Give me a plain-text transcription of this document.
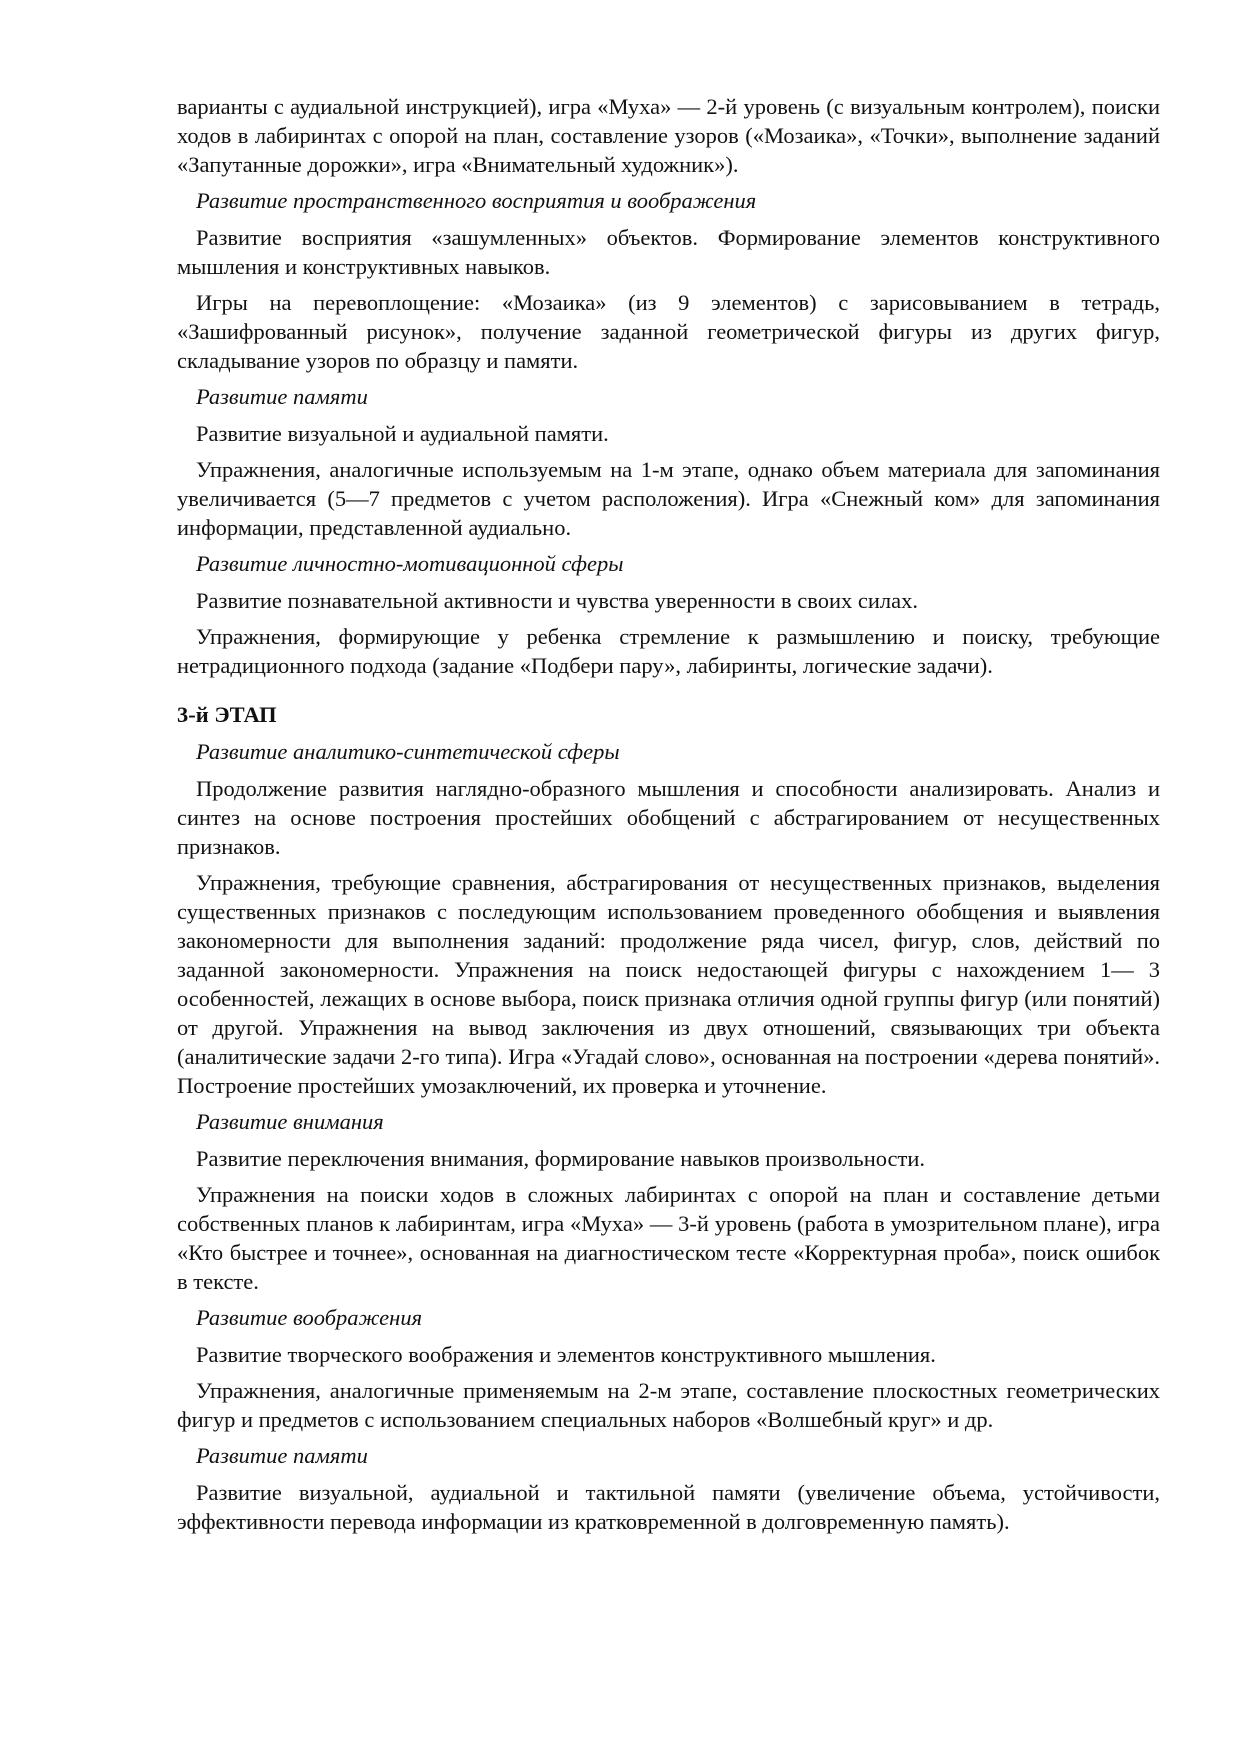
варианты с аудиальной инструкцией), игра «Муха» — 2-й уровень (с визуальным контролем), поиски ходов в лабиринтах с опорой на план, составление узоров («Мозаика», «Точки», выполнение заданий «Запутанные дорожки», игра «Внимательный художник»).

Развитие пространственного восприятия и воображения

Развитие восприятия «зашумленных» объектов. Формирование элементов конструктивного мышления и конструктивных навыков.

Игры на перевоплощение: «Мозаика» (из 9 элементов) с зарисовыванием в тетрадь, «Зашифрованный рисунок», получение заданной геометрической фигуры из других фигур, складывание узоров по образцу и памяти.

Развитие памяти

Развитие визуальной и аудиальной памяти.

Упражнения, аналогичные используемым на 1-м этапе, однако объем материала для запоминания увеличивается (5—7 предметов с учетом расположения). Игра «Снежный ком» для запоминания информации, представленной аудиально.

Развитие личностно-мотивационной сферы

Развитие познавательной активности и чувства уверенности в своих силах.

Упражнения, формирующие у ребенка стремление к размышлению и поиску, требующие нетрадиционного подхода (задание «Подбери пару», лабиринты, логические задачи).

3-й ЭТАП

Развитие аналитико-синтетической сферы

Продолжение развития наглядно-образного мышления и способности анализировать. Анализ и синтез на основе построения простейших обобщений с абстрагированием от несущественных признаков.

Упражнения, требующие сравнения, абстрагирования от несущественных признаков, выделения существенных признаков с последующим использованием проведенного обобщения и выявления закономерности для выполнения заданий: продолжение ряда чисел, фигур, слов, действий по заданной закономерности. Упражнения на поиск недостающей фигуры с нахождением 1— 3 особенностей, лежащих в основе выбора, поиск признака отличия одной группы фигур (или понятий) от другой. Упражнения на вывод заключения из двух отношений, связывающих три объекта (аналитические задачи 2-го типа). Игра «Угадай слово», основанная на построении «дерева понятий». Построение простейших умозаключений, их проверка и уточнение.

Развитие внимания

Развитие переключения внимания, формирование навыков произвольности.

Упражнения на поиски ходов в сложных лабиринтах с опорой на план и составление детьми собственных планов к лабиринтам, игра «Муха» — 3-й уровень (работа в умозрительном плане), игра «Кто быстрее и точнее», основанная на диагностическом тесте «Корректурная проба», поиск ошибок в тексте.

Развитие воображения

Развитие творческого воображения и элементов конструктивного мышления.

Упражнения, аналогичные применяемым на 2-м этапе, составление плоскостных геометрических фигур и предметов с использованием специальных наборов «Волшебный круг» и др.

Развитие памяти

Развитие визуальной, аудиальной и тактильной памяти (увеличение объема, устойчивости, эффективности перевода информации из кратковременной в долговременную память).
